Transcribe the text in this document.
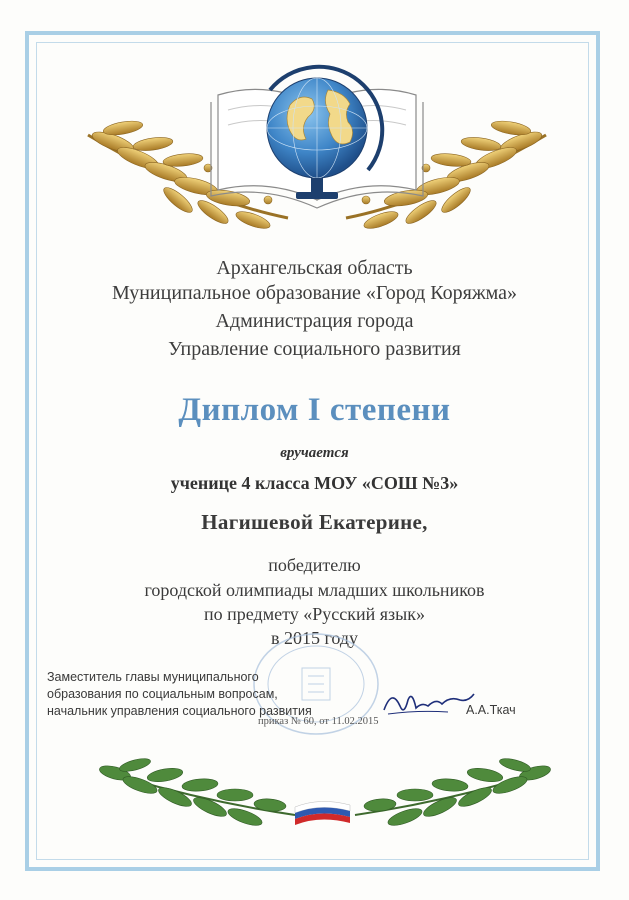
Архангельская область
Муниципальное образование «Город Коряжма»
Администрация города
Управление социального развития
Диплом I степени
вручается
ученице 4 класса МОУ «СОШ №3»
Нагишевой Екатерине,
победителю
городской олимпиады младших школьников
по предмету «Русский язык»
в 2015 году
Заместитель главы муниципального
образования по социальным вопросам,
начальник управления социального развития	А.А.Ткач
приказ № 60, от 11.02.2015
